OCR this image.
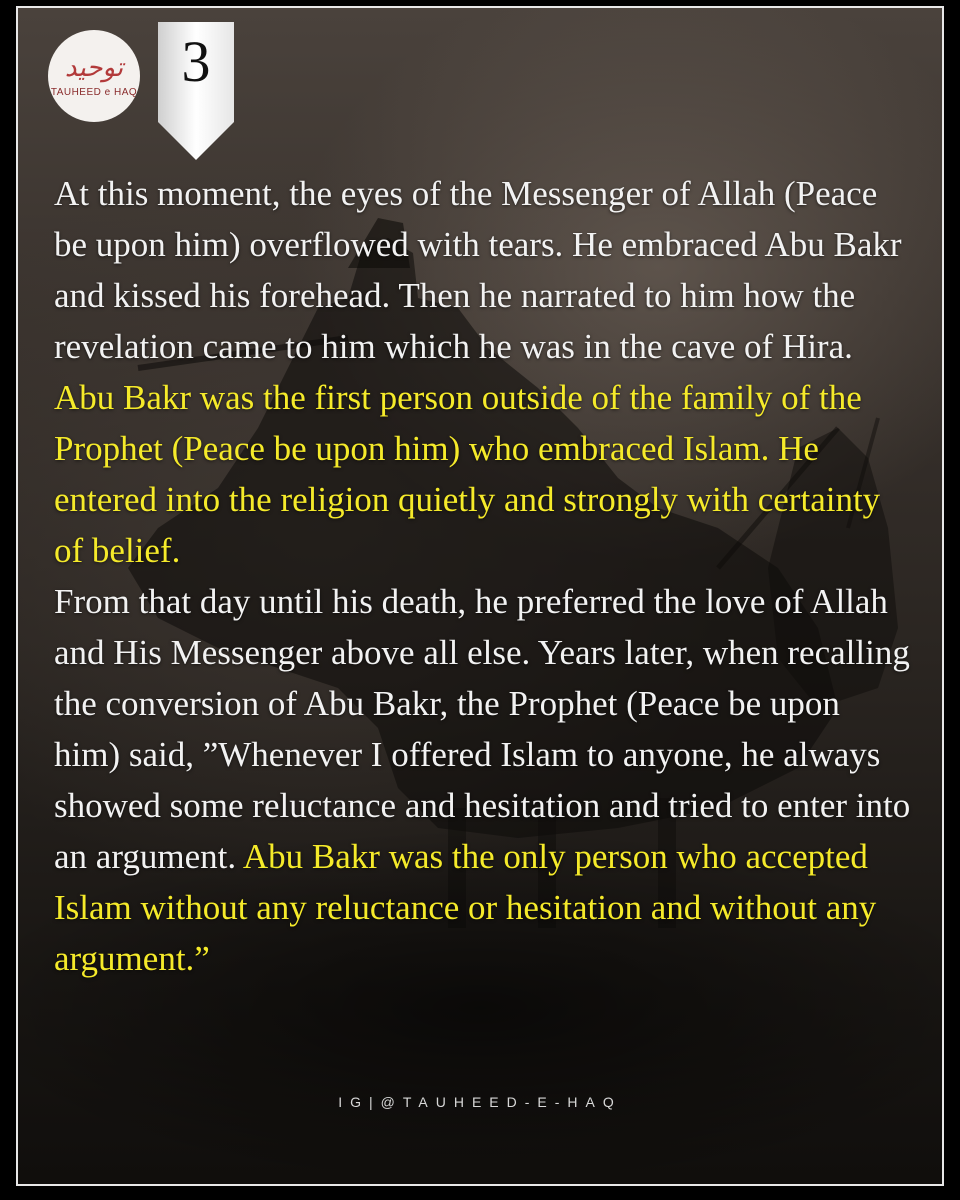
توحید
TAUHEED e HAQ 3

At this moment, the eyes of the Messenger of Allah (Peace be upon him) overflowed with tears. He embraced Abu Bakr and kissed his forehead. Then he narrated to him how the revelation came to him which he was in the cave of Hira.

Abu Bakr was the first person outside of the family of the Prophet (Peace be upon him) who embraced Islam. He entered into the religion quietly and strongly with certainty of belief.

From that day until his death, he preferred the love of Allah and His Messenger above all else. Years later, when recalling the conversion of Abu Bakr, the Prophet (Peace be upon him) said, ”Whenever I offered Islam to anyone, he always showed some reluctance and hesitation and tried to enter into an argument. Abu Bakr was the only person who accepted Islam without any reluctance or hesitation and without any argument.”

IG|@TAUHEED-E-HAQ
